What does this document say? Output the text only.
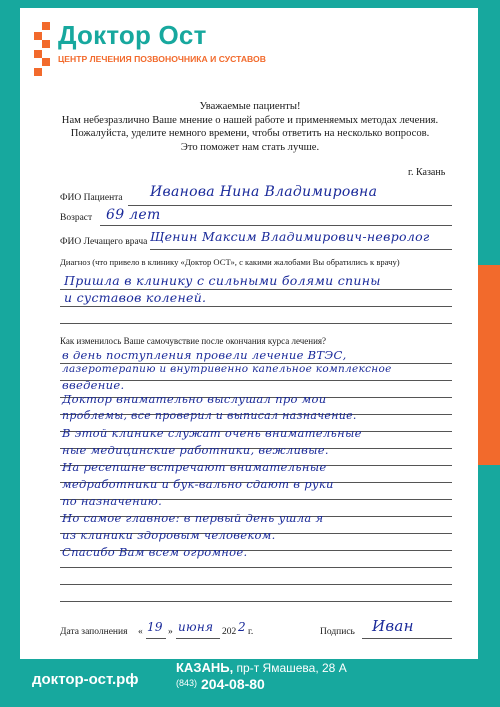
Доктор Ост
ЦЕНТР ЛЕЧЕНИЯ ПОЗВОНОЧНИКА И СУСТАВОВ
Уважаемые пациенты!
Нам небезразлично Ваше мнение о нашей работе и применяемых методах лечения.
Пожалуйста, уделите немного времени, чтобы ответить на несколько вопросов.
Это поможет нам стать лучше.
г. Казань
ФИО Пациента Иванова Нина Владимировна
Возраст 69 лет
ФИО Лечащего врача Щенин Максим Владимирович-невролог
Диагноз (что привело в клинику «Доктор ОСТ», с какими жалобами Вы обратились к врачу)
Пришла в клинику с сильными болями спины
и суставов коленей.
Как изменилось Ваше самочувствие после окончания курса лечения?
в день поступления провели лечение ВТЭС,
лазеротерапию и внутривенно капельное комплексное
введение.
Доктор внимательно выслушал про мои
проблемы, все проверил и выписал назначение.
В этой клинике служат очень внимательные
ные медицинские работники, вежливые.
На ресепшне встречают внимательные
медработники и бук-вально сдают в руки
по назначению.
Но самое главное: в первый день ушла я
из клиники здоровым человеком.
Спасибо Вам всем огромное.
Дата заполнения « 19 » июня 202 2 г.	Подпись Иван
доктор-ост.рф
КАЗАНЬ, пр-т Ямашева, 28 А
(843) 204-08-80
